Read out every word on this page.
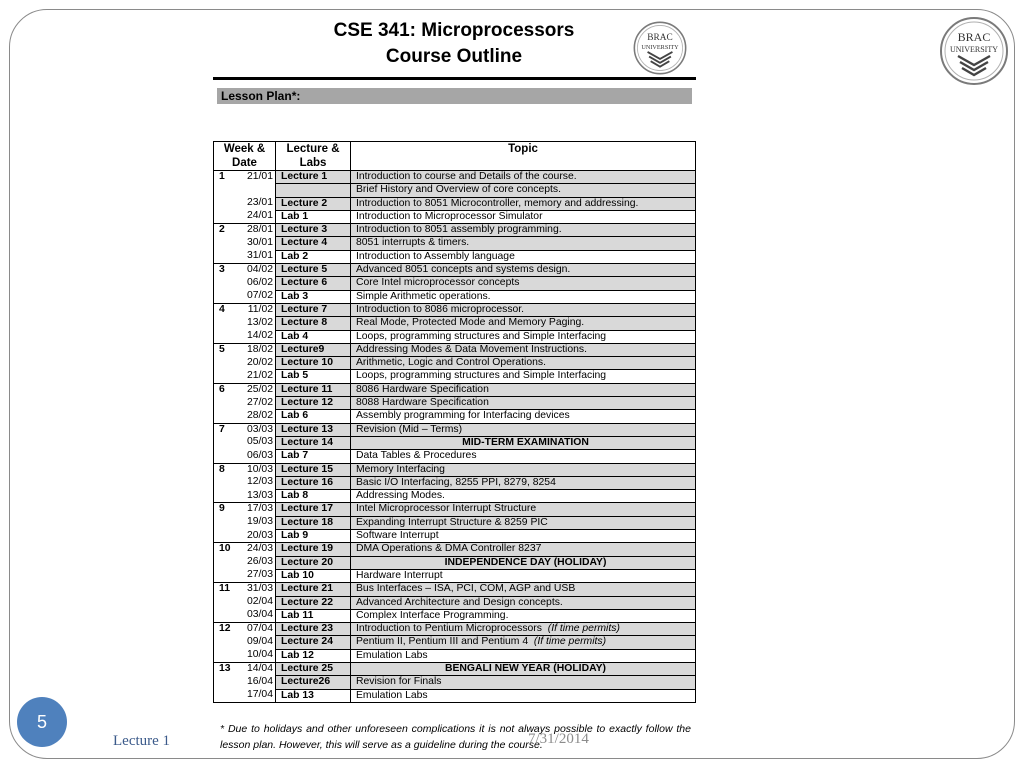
CSE 341: Microprocessors
Course Outline
BRAC
UNIVERSITY
BRAC
UNIVERSITY
Lesson Plan*:
Week & Date	Lecture & Labs	Topic
1 21/01	Lecture 1	Introduction to course and Details of the course.
		Brief History and Overview of core concepts.
23/01	Lecture 2	Introduction to 8051 Microcontroller, memory and addressing.
24/01	Lab 1	Introduction to Microprocessor Simulator
2 28/01	Lecture 3	Introduction to 8051 assembly programming.
30/01	Lecture 4	8051 interrupts & timers.
31/01	Lab 2	Introduction to Assembly language
3 04/02	Lecture 5	Advanced 8051 concepts and systems design.
06/02	Lecture 6	Core Intel microprocessor concepts
07/02	Lab 3	Simple Arithmetic operations.
4 11/02	Lecture 7	Introduction to 8086 microprocessor.
13/02	Lecture 8	Real Mode, Protected Mode and Memory Paging.
14/02	Lab 4	Loops, programming structures and Simple Interfacing
5 18/02	Lecture9	Addressing Modes & Data Movement Instructions.
20/02	Lecture 10	Arithmetic, Logic and Control Operations.
21/02	Lab 5	Loops, programming structures and Simple Interfacing
6 25/02	Lecture 11	8086 Hardware Specification
27/02	Lecture 12	8088 Hardware Specification
28/02	Lab 6	Assembly programming for Interfacing devices
7 03/03	Lecture 13	Revision (Mid – Terms)
05/03	Lecture 14	MID-TERM EXAMINATION
06/03	Lab 7	Data Tables & Procedures
8 10/03	Lecture 15	Memory Interfacing
12/03	Lecture 16	Basic I/O Interfacing, 8255 PPI, 8279, 8254
13/03	Lab 8	Addressing Modes.
9 17/03	Lecture 17	Intel Microprocessor Interrupt Structure
19/03	Lecture 18	Expanding Interrupt Structure & 8259 PIC
20/03	Lab 9	Software Interrupt
10 24/03	Lecture 19	DMA Operations & DMA Controller 8237
26/03	Lecture 20	INDEPENDENCE DAY (HOLIDAY)
27/03	Lab 10	Hardware Interrupt
11 31/03	Lecture 21	Bus Interfaces – ISA, PCI, COM, AGP and USB
02/04	Lecture 22	Advanced Architecture and Design concepts.
03/04	Lab 11	Complex Interface Programming.
12 07/04	Lecture 23	Introduction to Pentium Microprocessors (If time permits)
09/04	Lecture 24	Pentium II, Pentium III and Pentium 4 (If time permits)
10/04	Lab 12	Emulation Labs
13 14/04	Lecture 25	BENGALI NEW YEAR (HOLIDAY)
16/04	Lecture26	Revision for Finals
17/04	Lab 13	Emulation Labs
* Due to holidays and other unforeseen complications it is not always possible to exactly follow the lesson plan. However, this will serve as a guideline during the course.
5
Lecture 1	7/31/2014
